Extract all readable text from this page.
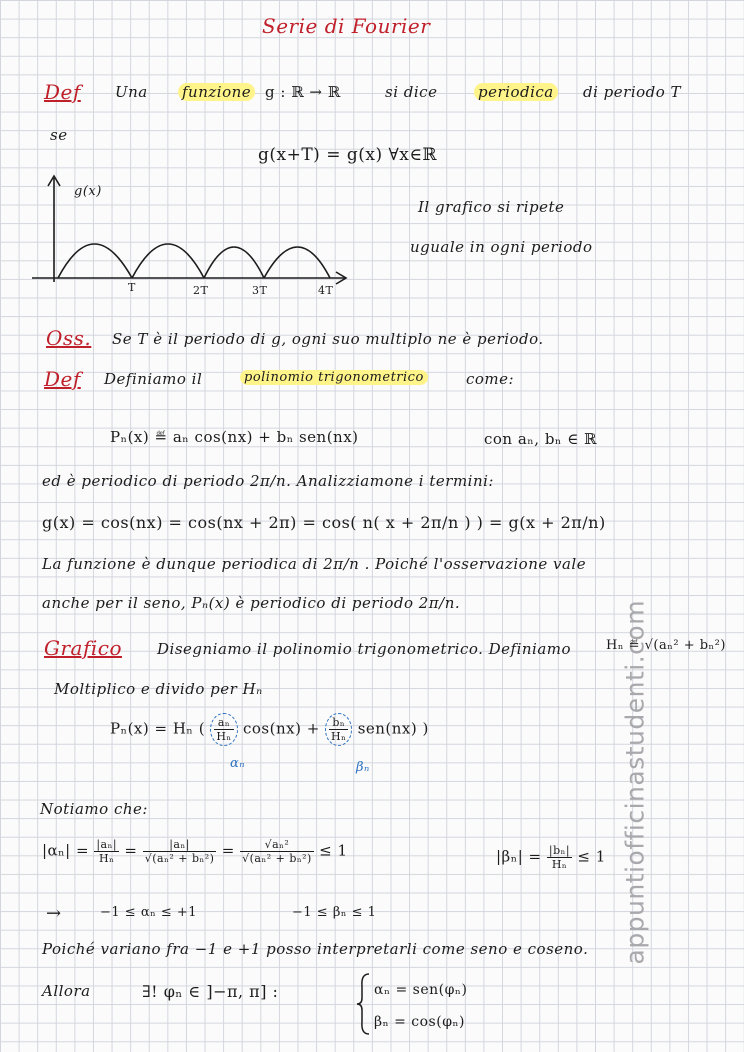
appuntiofficinastudenti.com
Serie di Fourier
Def Una funzione g : ℝ → ℝ	si dice	periodica di periodo T
se
g(x+T) = g(x) ∀x∈ℝ
g(x)
T	2T	3T	4T
Il grafico si ripete
uguale in ogni periodo
Oss. Se T è il periodo di g, ogni suo multiplo ne è periodo.
Def Definiamo il	polinomio trigonometrico	come:
Pₙ(x) ≝ aₙ cos(nx) + bₙ sen(nx)	con aₙ, bₙ ∈ ℝ
ed è periodico di periodo 2π/n. Analizziamone i termini:
g(x) = cos(nx) = cos(nx + 2π) = cos( n( x + 2π/n ) ) = g(x + 2π/n)
La funzione è dunque periodica di 2π/n . Poiché l'osservazione vale
anche per il seno, Pₙ(x) è periodico di periodo 2π/n.
Grafico Disegniamo il polinomio trigonometrico. Definiamo	Hₙ ≝ √(aₙ² + bₙ²)
Moltiplico e divido per Hₙ
Pₙ(x) = Hₙ ( $\frac{\text{aₙ}}{\text{Hₙ}} \cos(nx) + \frac{\text{bₙ}}{\text{Hₙ}} sen(nx)$ )
αₙ	βₙ
Notiamo che:
$|\alpha_n| = \frac{\text{|aₙ|}}{\text{Hₙ}} = \frac{\text{|aₙ|}}{\text{√(aₙ² + bₙ²)}} = \frac{\text{√aₙ²}}{\text{√(aₙ² + bₙ²)}} \le 1$	$|\beta_n| = \frac{\text{|bₙ|}}{\text{Hₙ}} \le 1$
→	−1 ≤ αₙ ≤ +1	−1 ≤ βₙ ≤ 1
Poiché variano fra −1 e +1 posso interpretarli come seno e coseno.
Allora	∃! φₙ ∈ ]−π, π] :	αₙ = sen(φₙ)
βₙ = cos(φₙ)
